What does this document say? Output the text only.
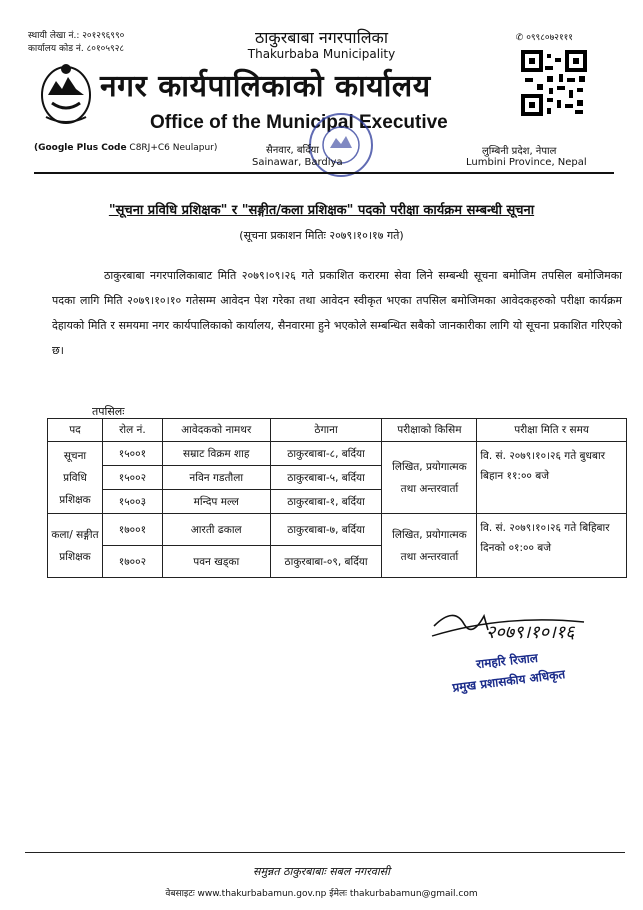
स्थायी लेखा नं.: २०१२९६९९०
कार्यालय कोड नं. ८०१०५९२८
✆ ०९९८०७२१११
ठाकुरबाबा नगरपालिका
Thakurbaba Municipality
नगर कार्यपालिकाको कार्यालय
Office of the Municipal Executive
(Google Plus Code C8RJ+C6 Neulapur)	सैनवार, बर्दिया
Sainawar, Bardiya
लुम्बिनी प्रदेश, नेपाल
Lumbini Province, Nepal
"सूचना प्रविधि प्रशिक्षक" र "सङ्गीत/कला प्रशिक्षक" पदको परीक्षा कार्यक्रम सम्बन्धी सूचना
(सूचना प्रकाशन मितिः २०७९।१०।१७ गते)
ठाकुरबाबा नगरपालिकाबाट मिति २०७९।०९।२६ गते प्रकाशित करारमा सेवा लिने सम्बन्धी सूचना बमोजिम तपसिल बमोजिमका पदका लागि मिति २०७९।१०।१० गतेसम्म आवेदन पेश गरेका तथा आवेदन स्वीकृत भएका तपसिल बमोजिमका आवेदकहरुको परीक्षा कार्यक्रम देहायको मिति र समयमा नगर कार्यपालिकाको कार्यालय, सैनवारमा हुने भएकोले सम्बन्धित सबैको जानकारीका लागि यो सूचना प्रकाशित गरिएको छ।
तपसिलः
पद	रोल नं.	आवेदकको नामथर	ठेगाना	परीक्षाको किसिम	परीक्षा मिति र समय
सूचना प्रविधि प्रशिक्षक	१५००१	सम्राट विक्रम शाह	ठाकुरबाबा-८, बर्दिया	लिखित, प्रयोगात्मक तथा अन्तरवार्ता	वि. सं. २०७९।१०।२६ गते बुधबार बिहान ११:०० बजे
	१५००२	नविन गडतौला	ठाकुरबाबा-५, बर्दिया		
	१५००३	मन्दिप मल्ल	ठाकुरबाबा-१, बर्दिया		
कला/ सङ्गीत प्रशिक्षक	१७००१	आरती ढकाल	ठाकुरबाबा-७, बर्दिया	लिखित, प्रयोगात्मक तथा अन्तरवार्ता	वि. सं. २०७९।१०।२६ गते बिहिबार दिनको ०१:०० बजे
	१७००२	पवन खड्का	ठाकुरबाबा-०९, बर्दिया		
२०७९।१०।१६
रामहरि रिजाल
प्रमुख प्रशासकीय अधिकृत
समुन्नत ठाकुरबाबाः सबल नगरवासी
वेबसाइटः www.thakurbabamun.gov.np ईमेलः thakurbabamun@gmail.com
